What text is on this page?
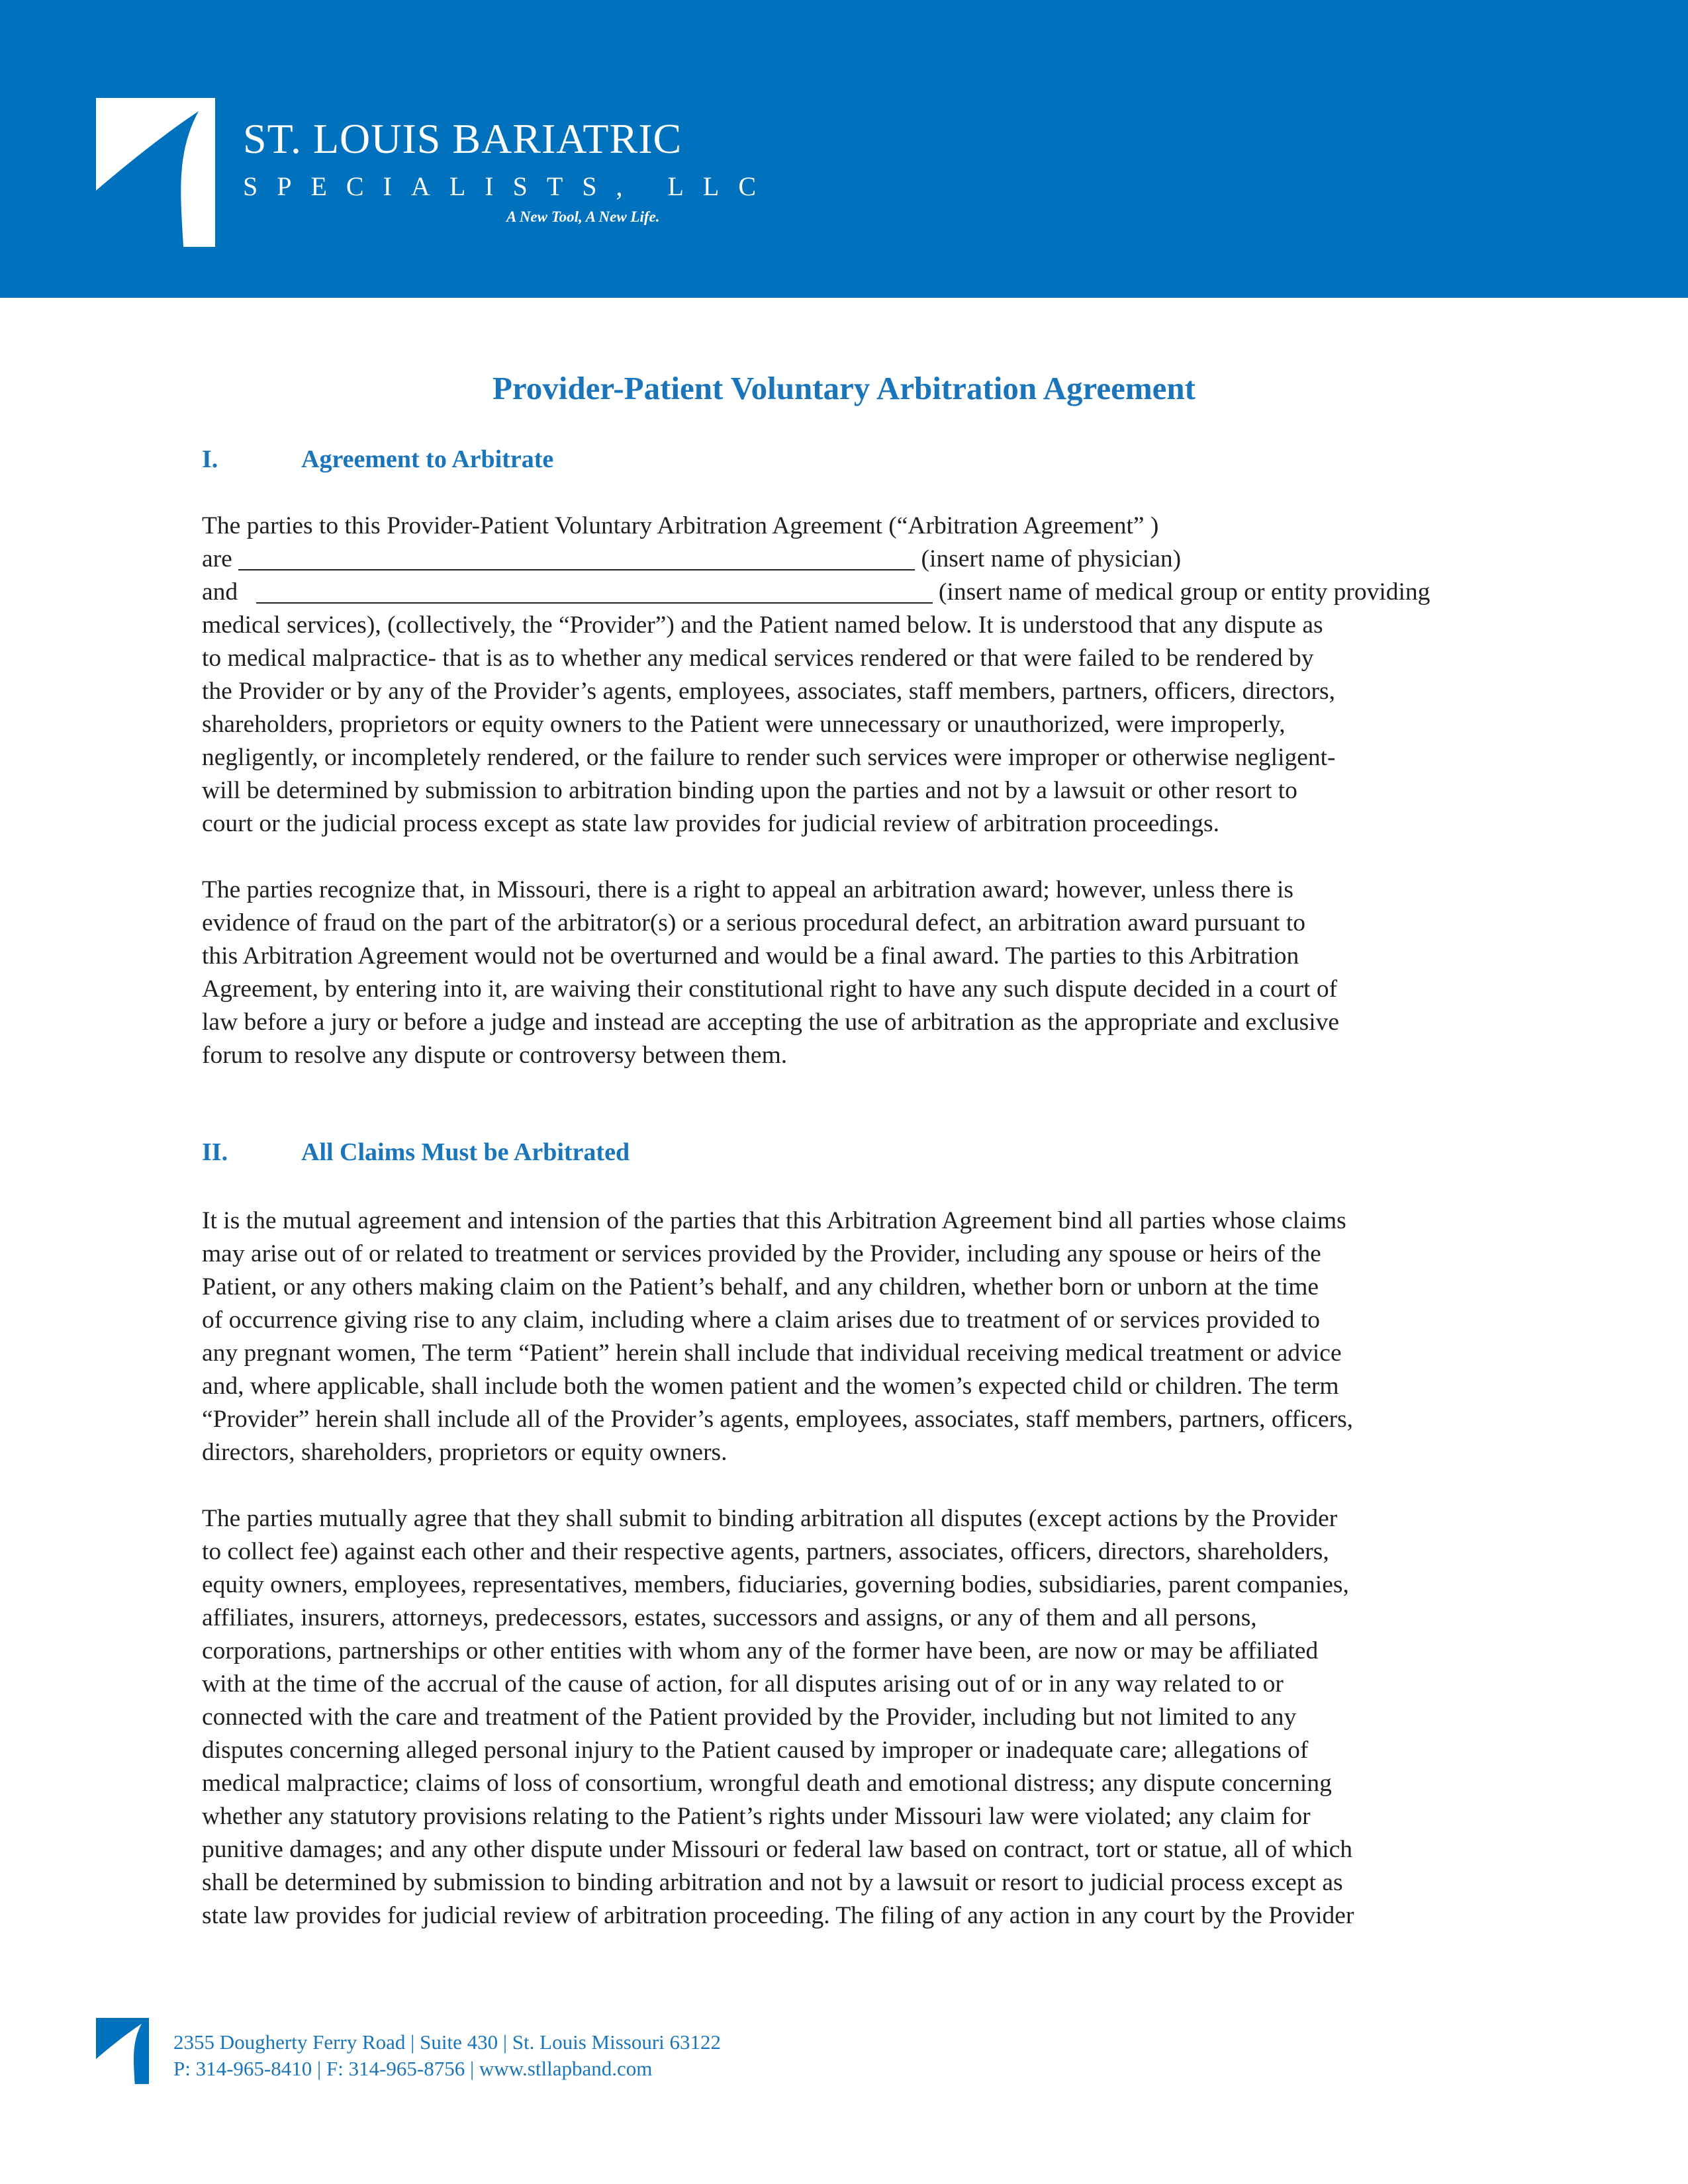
ST. LOUIS BARIATRIC
SPECIALISTS, LLC
A New Tool, A New Life.
Provider-Patient Voluntary Arbitration Agreement
I.	Agreement to Arbitrate
The parties to this Provider-Patient Voluntary Arbitration Agreement (“Arbitration Agreement” )
are	(insert name of physician)
and	(insert name of medical group or entity providing
medical services), (collectively, the “Provider”) and the Patient named below. It is understood that any dispute as
to medical malpractice- that is as to whether any medical services rendered or that were failed to be rendered by
the Provider or by any of the Provider’s agents, employees, associates, staff members, partners, officers, directors,
shareholders, proprietors or equity owners to the Patient were unnecessary or unauthorized, were improperly,
negligently, or incompletely rendered, or the failure to render such services were improper or otherwise negligent-
will be determined by submission to arbitration binding upon the parties and not by a lawsuit or other resort to
court or the judicial process except as state law provides for judicial review of arbitration proceedings.
The parties recognize that, in Missouri, there is a right to appeal an arbitration award; however, unless there is
evidence of fraud on the part of the arbitrator(s) or a serious procedural defect, an arbitration award pursuant to
this Arbitration Agreement would not be overturned and would be a final award. The parties to this Arbitration
Agreement, by entering into it, are waiving their constitutional right to have any such dispute decided in a court of
law before a jury or before a judge and instead are accepting the use of arbitration as the appropriate and exclusive
forum to resolve any dispute or controversy between them.
II.	All Claims Must be Arbitrated
It is the mutual agreement and intension of the parties that this Arbitration Agreement bind all parties whose claims
may arise out of or related to treatment or services provided by the Provider, including any spouse or heirs of the
Patient, or any others making claim on the Patient’s behalf, and any children, whether born or unborn at the time
of occurrence giving rise to any claim, including where a claim arises due to treatment of or services provided to
any pregnant women, The term “Patient” herein shall include that individual receiving medical treatment or advice
and, where applicable, shall include both the women patient and the women’s expected child or children. The term
“Provider” herein shall include all of the Provider’s agents, employees, associates, staff members, partners, officers,
directors, shareholders, proprietors or equity owners.
The parties mutually agree that they shall submit to binding arbitration all disputes (except actions by the Provider
to collect fee) against each other and their respective agents, partners, associates, officers, directors, shareholders,
equity owners, employees, representatives, members, fiduciaries, governing bodies, subsidiaries, parent companies,
affiliates, insurers, attorneys, predecessors, estates, successors and assigns, or any of them and all persons,
corporations, partnerships or other entities with whom any of the former have been, are now or may be affiliated
with at the time of the accrual of the cause of action, for all disputes arising out of or in any way related to or
connected with the care and treatment of the Patient provided by the Provider, including but not limited to any
disputes concerning alleged personal injury to the Patient caused by improper or inadequate care; allegations of
medical malpractice; claims of loss of consortium, wrongful death and emotional distress; any dispute concerning
whether any statutory provisions relating to the Patient’s rights under Missouri law were violated; any claim for
punitive damages; and any other dispute under Missouri or federal law based on contract, tort or statue, all of which
shall be determined by submission to binding arbitration and not by a lawsuit or resort to judicial process except as
state law provides for judicial review of arbitration proceeding. The filing of any action in any court by the Provider
2355 Dougherty Ferry Road | Suite 430 | St. Louis Missouri 63122
P: 314-965-8410 | F: 314-965-8756 | www.stllapband.com
